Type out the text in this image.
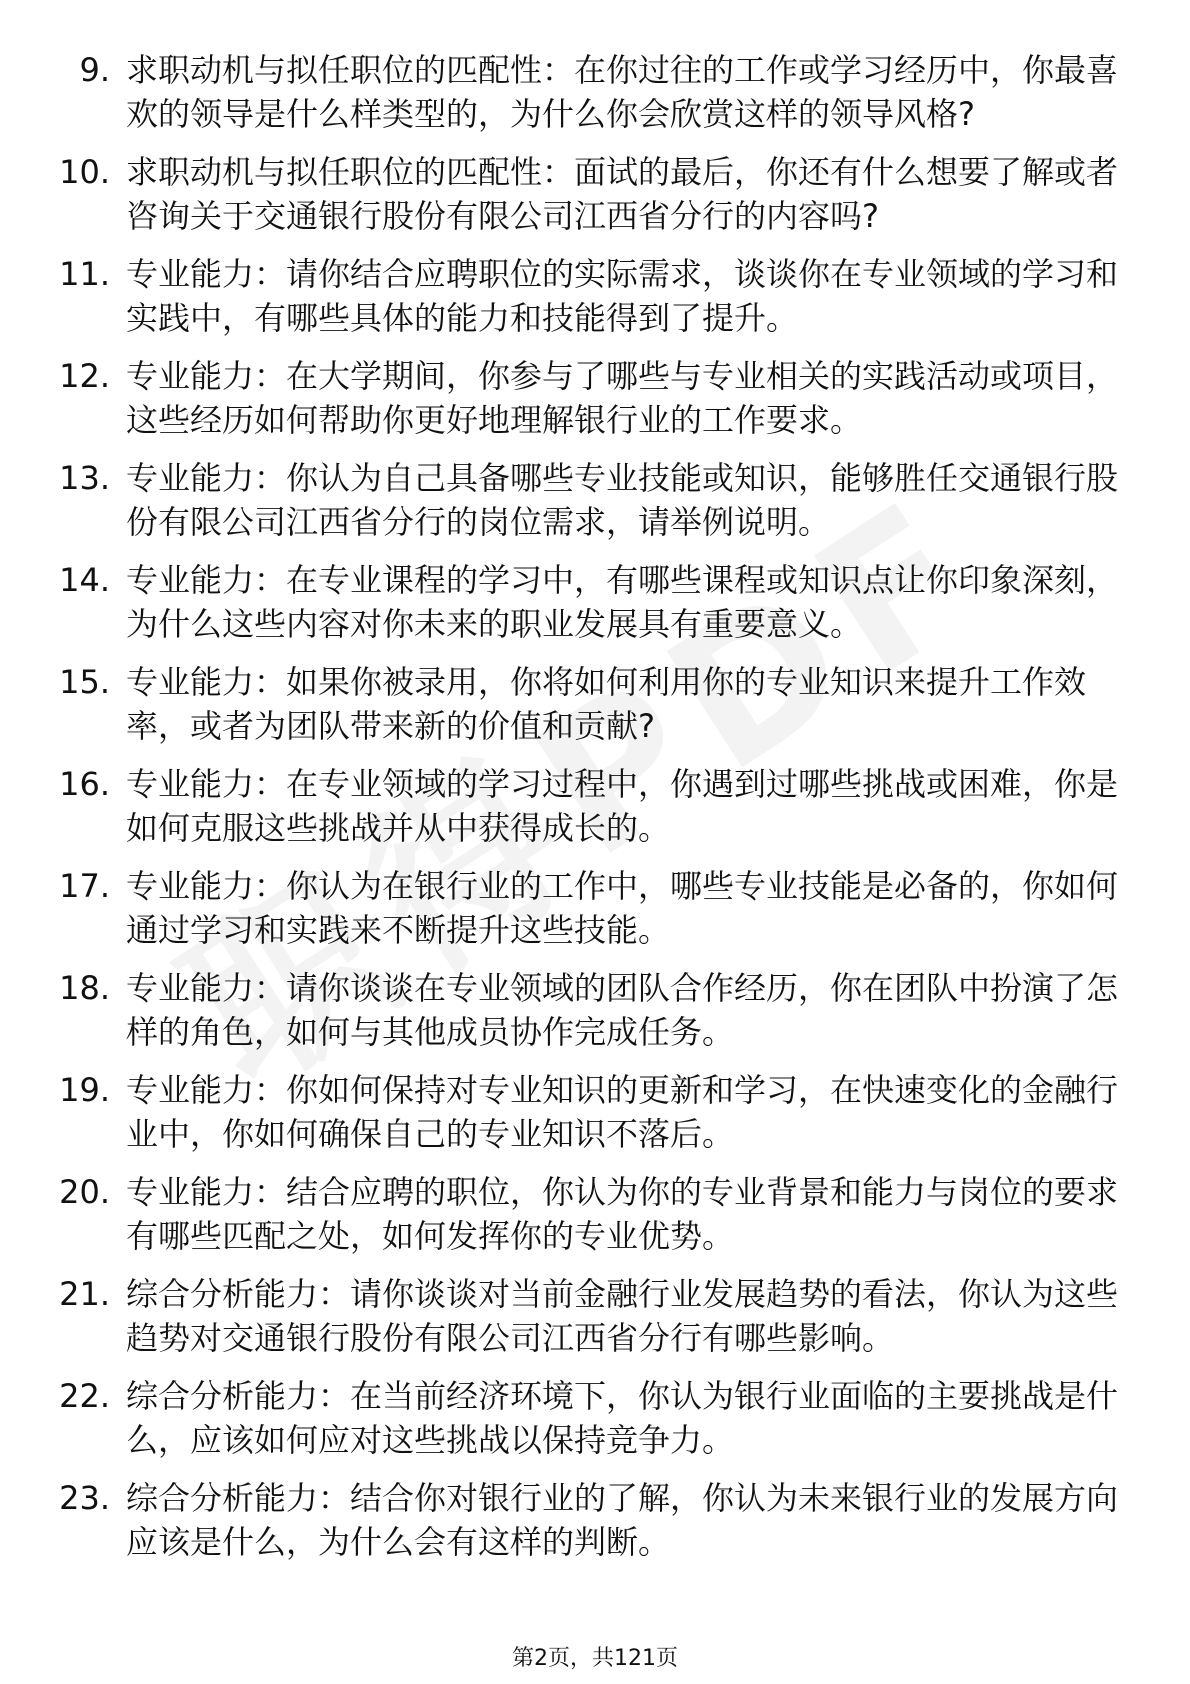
9. 求职动机与拟任职位的匹配性：在你过往的工作或学习经历中，你最喜欢的领导是什么样类型的，为什么你会欣赏这样的领导风格?
10. 求职动机与拟任职位的匹配性：面试的最后，你还有什么想要了解或者咨询关于交通银行股份有限公司江西省分行的内容吗?
11. 专业能力：请你结合应聘职位的实际需求，谈谈你在专业领域的学习和实践中，有哪些具体的能力和技能得到了提升。
12. 专业能力：在大学期间，你参与了哪些与专业相关的实践活动或项目，这些经历如何帮助你更好地理解银行业的工作要求。
13. 专业能力：你认为自己具备哪些专业技能或知识，能够胜任交通银行股份有限公司江西省分行的岗位需求，请举例说明。
14. 专业能力：在专业课程的学习中，有哪些课程或知识点让你印象深刻，为什么这些内容对你未来的职业发展具有重要意义。
15. 专业能力：如果你被录用，你将如何利用你的专业知识来提升工作效率，或者为团队带来新的价值和贡献?
16. 专业能力：在专业领域的学习过程中，你遇到过哪些挑战或困难，你是如何克服这些挑战并从中获得成长的。
17. 专业能力：你认为在银行业的工作中，哪些专业技能是必备的，你如何通过学习和实践来不断提升这些技能。
18. 专业能力：请你谈谈在专业领域的团队合作经历，你在团队中扮演了怎样的角色，如何与其他成员协作完成任务。
19. 专业能力：你如何保持对专业知识的更新和学习，在快速变化的金融行业中，你如何确保自己的专业知识不落后。
20. 专业能力：结合应聘的职位，你认为你的专业背景和能力与岗位的要求有哪些匹配之处，如何发挥你的专业优势。
21. 综合分析能力：请你谈谈对当前金融行业发展趋势的看法，你认为这些趋势对交通银行股份有限公司江西省分行有哪些影响。
22. 综合分析能力：在当前经济环境下，你认为银行业面临的主要挑战是什么，应该如何应对这些挑战以保持竞争力。
23. 综合分析能力：结合你对银行业的了解，你认为未来银行业的发展方向应该是什么，为什么会有这样的判断。
第2页，共121页
